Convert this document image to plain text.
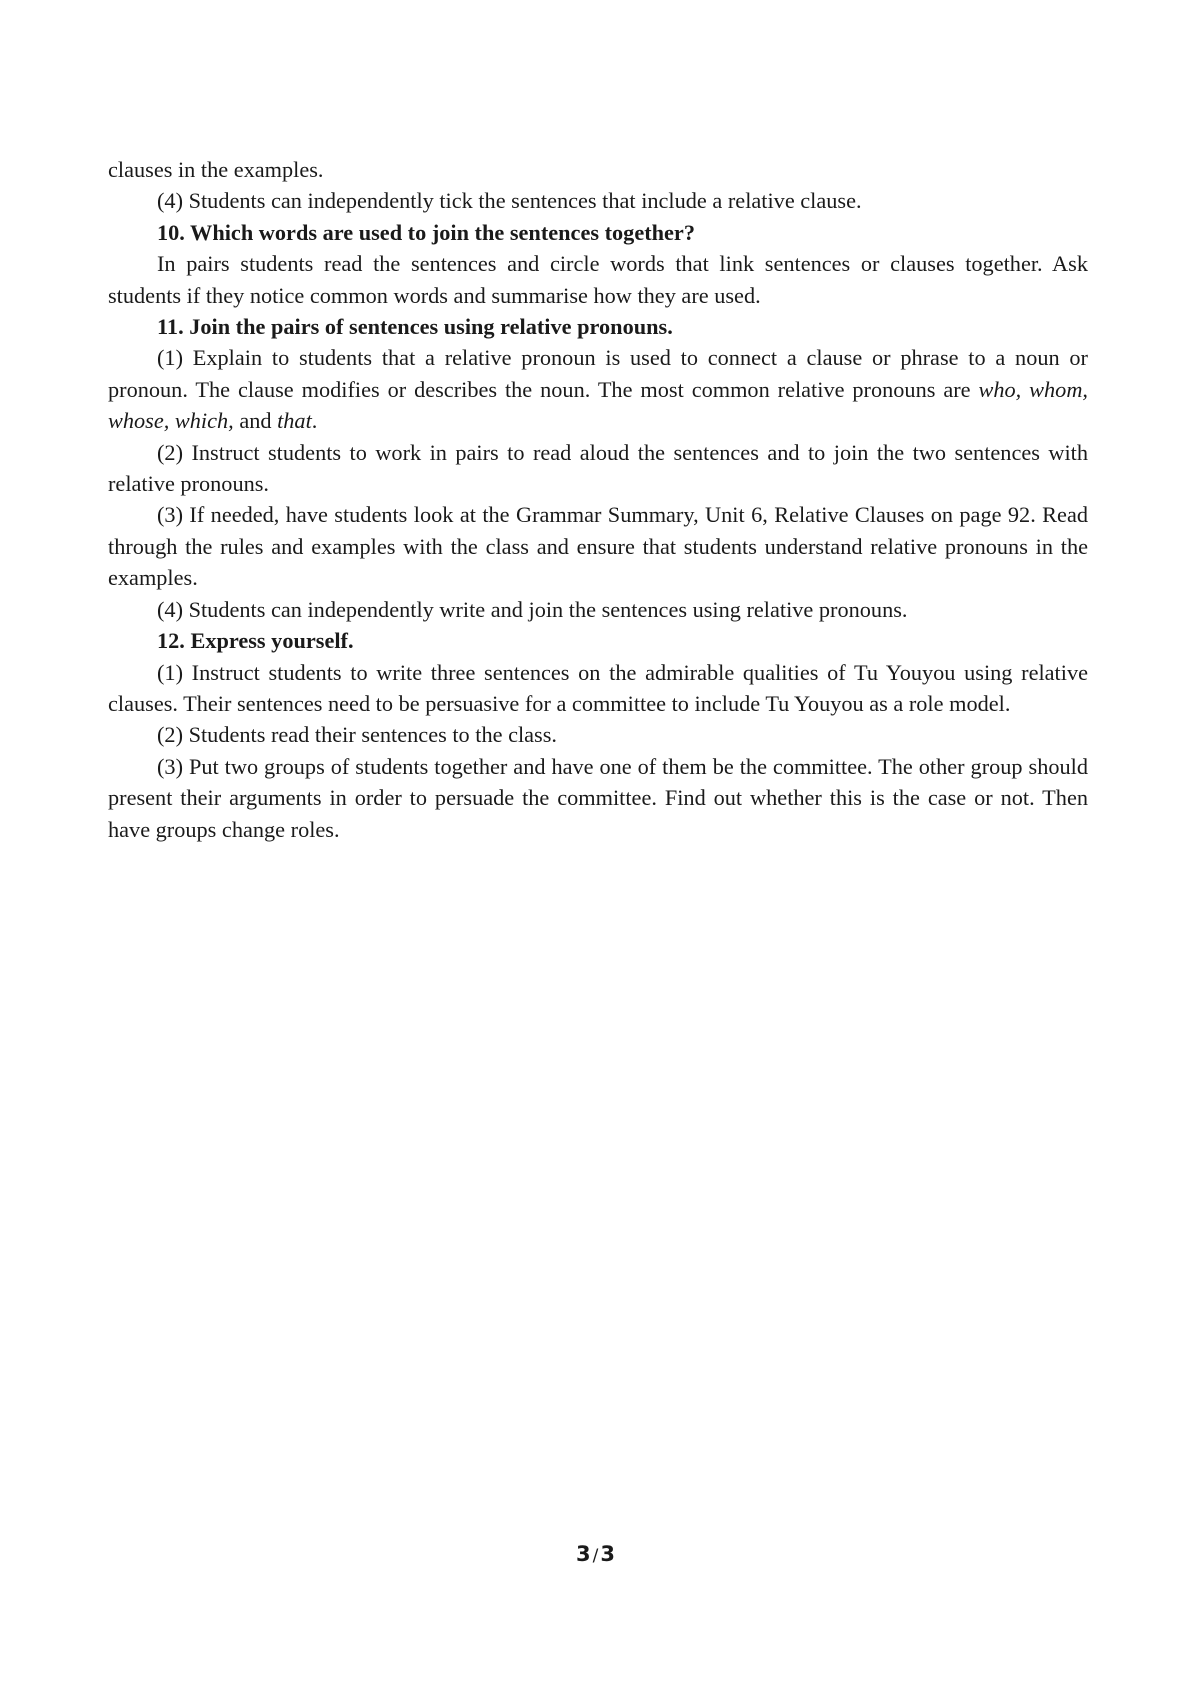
clauses in the examples.

(4) Students can independently tick the sentences that include a relative clause.

10. Which words are used to join the sentences together?

In pairs students read the sentences and circle words that link sentences or clauses together. Ask students if they notice common words and summarise how they are used.

11. Join the pairs of sentences using relative pronouns.

(1) Explain to students that a relative pronoun is used to connect a clause or phrase to a noun or pronoun. The clause modifies or describes the noun. The most common relative pronouns are who, whom, whose, which, and that.

(2) Instruct students to work in pairs to read aloud the sentences and to join the two sentences with relative pronouns.

(3) If needed, have students look at the Grammar Summary, Unit 6, Relative Clauses on page 92. Read through the rules and examples with the class and ensure that students understand relative pronouns in the examples.

(4) Students can independently write and join the sentences using relative pronouns.

12. Express yourself.

(1) Instruct students to write three sentences on the admirable qualities of Tu Youyou using relative clauses. Their sentences need to be persuasive for a committee to include Tu Youyou as a role model.

(2) Students read their sentences to the class.

(3) Put two groups of students together and have one of them be the committee. The other group should present their arguments in order to persuade the committee. Find out whether this is the case or not. Then have groups change roles.

3 /3
